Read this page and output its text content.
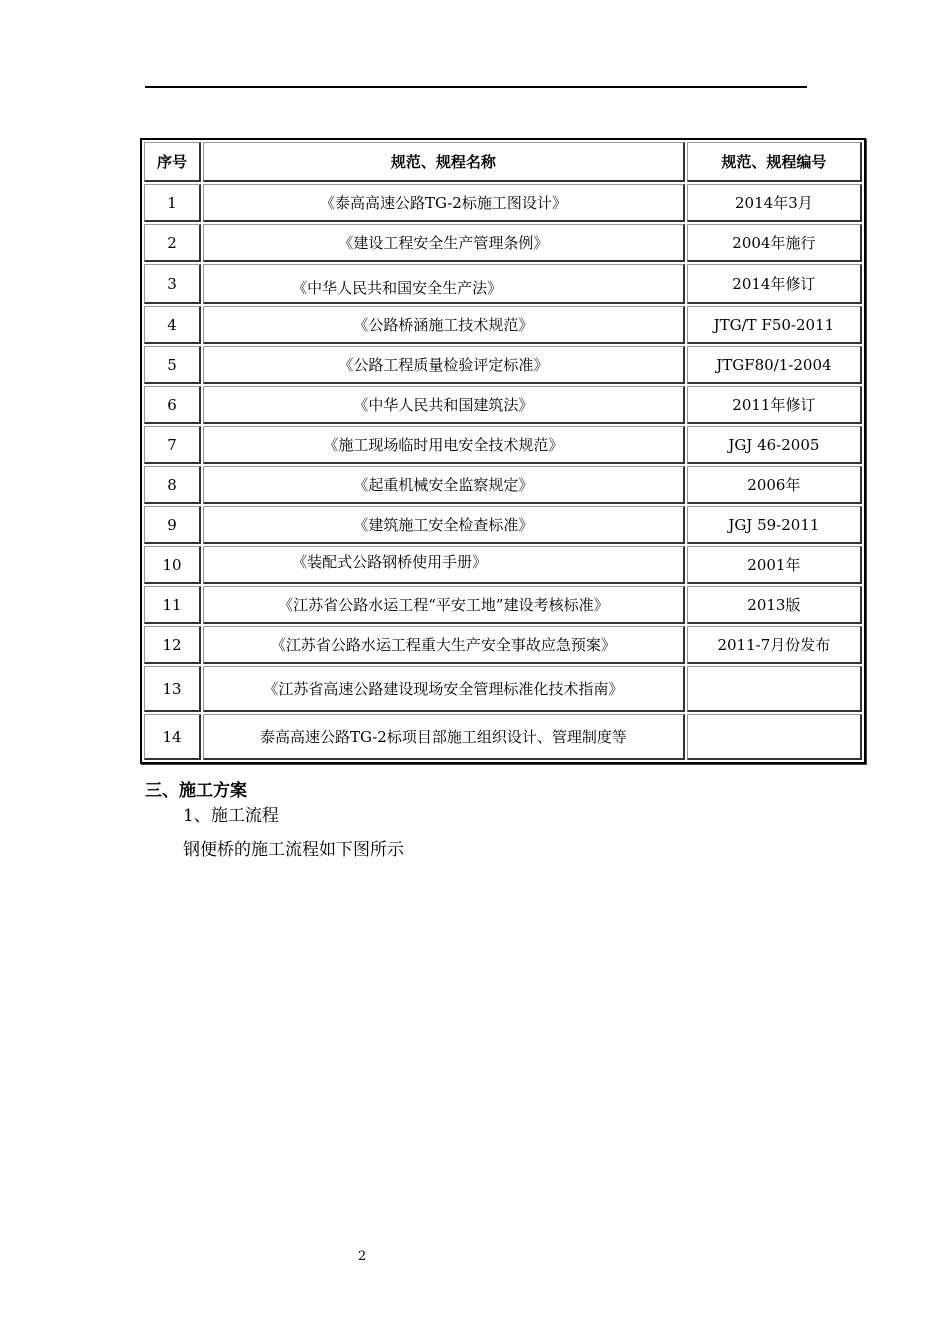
序号	规范、规程名称	规范、规程编号
1	《泰高高速公路TG-2标施工图设计》	2014年3月
2	《建设工程安全生产管理条例》	2004年施行
3	《中华人民共和国安全生产法》	2014年修订
4	《公路桥涵施工技术规范》	JTG/T F50-2011
5	《公路工程质量检验评定标准》	JTGF80/1-2004
6	《中华人民共和国建筑法》	2011年修订
7	《施工现场临时用电安全技术规范》	JGJ 46-2005
8	《起重机械安全监察规定》	2006年
9	《建筑施工安全检查标准》	JGJ 59-2011
10	《装配式公路钢桥使用手册》	2001年
11	《江苏省公路水运工程“平安工地”建设考核标准》	2013版
12	《江苏省公路水运工程重大生产安全事故应急预案》	2011-7月份发布
13	《江苏省高速公路建设现场安全管理标准化技术指南》	
14	泰高高速公路TG-2标项目部施工组织设计、管理制度等	
三、施工方案
1、施工流程
钢便桥的施工流程如下图所示
2
